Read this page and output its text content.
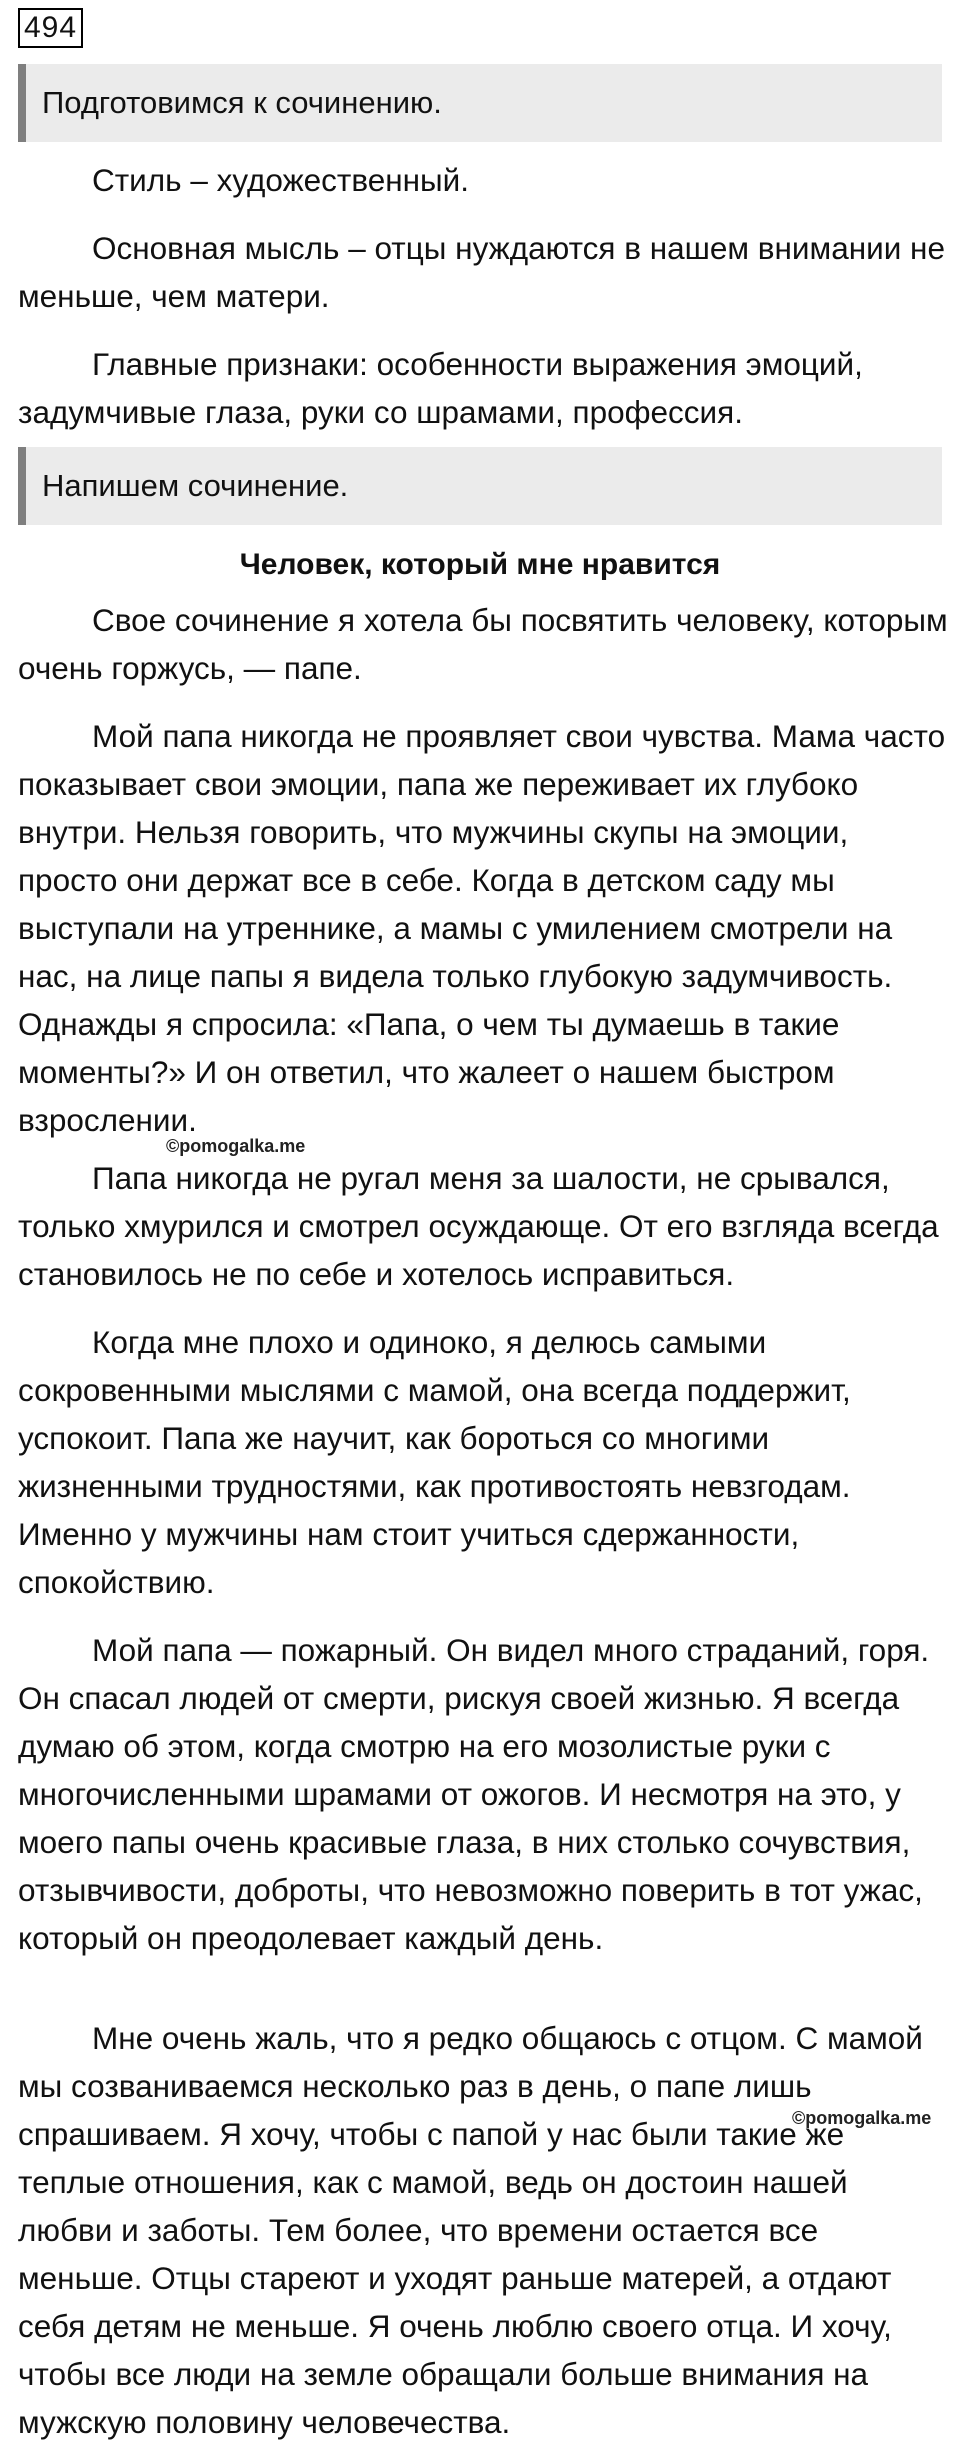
494
Подготовимся к сочинению.
Стиль – художественный.
Основная мысль – отцы нуждаются в нашем внимании не меньше, чем матери.
Главные признаки: особенности выражения эмоций, задумчивые глаза, руки со шрамами, профессия.
Напишем сочинение.
Человек, который мне нравится
Свое сочинение я хотела бы посвятить человеку, которым очень горжусь, — папе.
Мой папа никогда не проявляет свои чувства. Мама часто показывает свои эмоции, папа же переживает их глубоко внутри. Нельзя говорить, что мужчины скупы на эмоции, просто они держат все в себе. Когда в детском саду мы выступали на утреннике, а мамы с умилением смотрели на нас, на лице папы я видела только глубокую задумчивость. Однажды я спросила: «Папа, о чем ты думаешь в такие моменты?» И он ответил, что жалеет о нашем быстром взрослении.
©pomogalka.me
Папа никогда не ругал меня за шалости, не срывался, только хмурился и смотрел осуждающе. От его взгляда всегда становилось не по себе и хотелось исправиться.
Когда мне плохо и одиноко, я делюсь самыми сокровенными мыслями с мамой, она всегда поддержит, успокоит. Папа же научит, как бороться со многими жизненными трудностями, как противостоять невзгодам. Именно у мужчины нам стоит учиться сдержанности, спокойствию.
Мой папа — пожарный. Он видел много страданий, горя. Он спасал людей от смерти, рискуя своей жизнью. Я всегда думаю об этом, когда смотрю на его мозолистые руки с многочисленными шрамами от ожогов. И несмотря на это, у моего папы очень красивые глаза, в них столько сочувствия, отзывчивости, доброты, что невозможно поверить в тот ужас, который он преодолевает каждый день.
©pomogalka.me
Мне очень жаль, что я редко общаюсь с отцом. С мамой мы созваниваемся несколько раз в день, о папе лишь спрашиваем. Я хочу, чтобы с папой у нас были такие же теплые отношения, как с мамой, ведь он достоин нашей любви и заботы. Тем более, что времени остается все меньше. Отцы стареют и уходят раньше матерей, а отдают себя детям не меньше. Я очень люблю своего отца. И хочу, чтобы все люди на земле обращали больше внимания на мужскую половину человечества.
